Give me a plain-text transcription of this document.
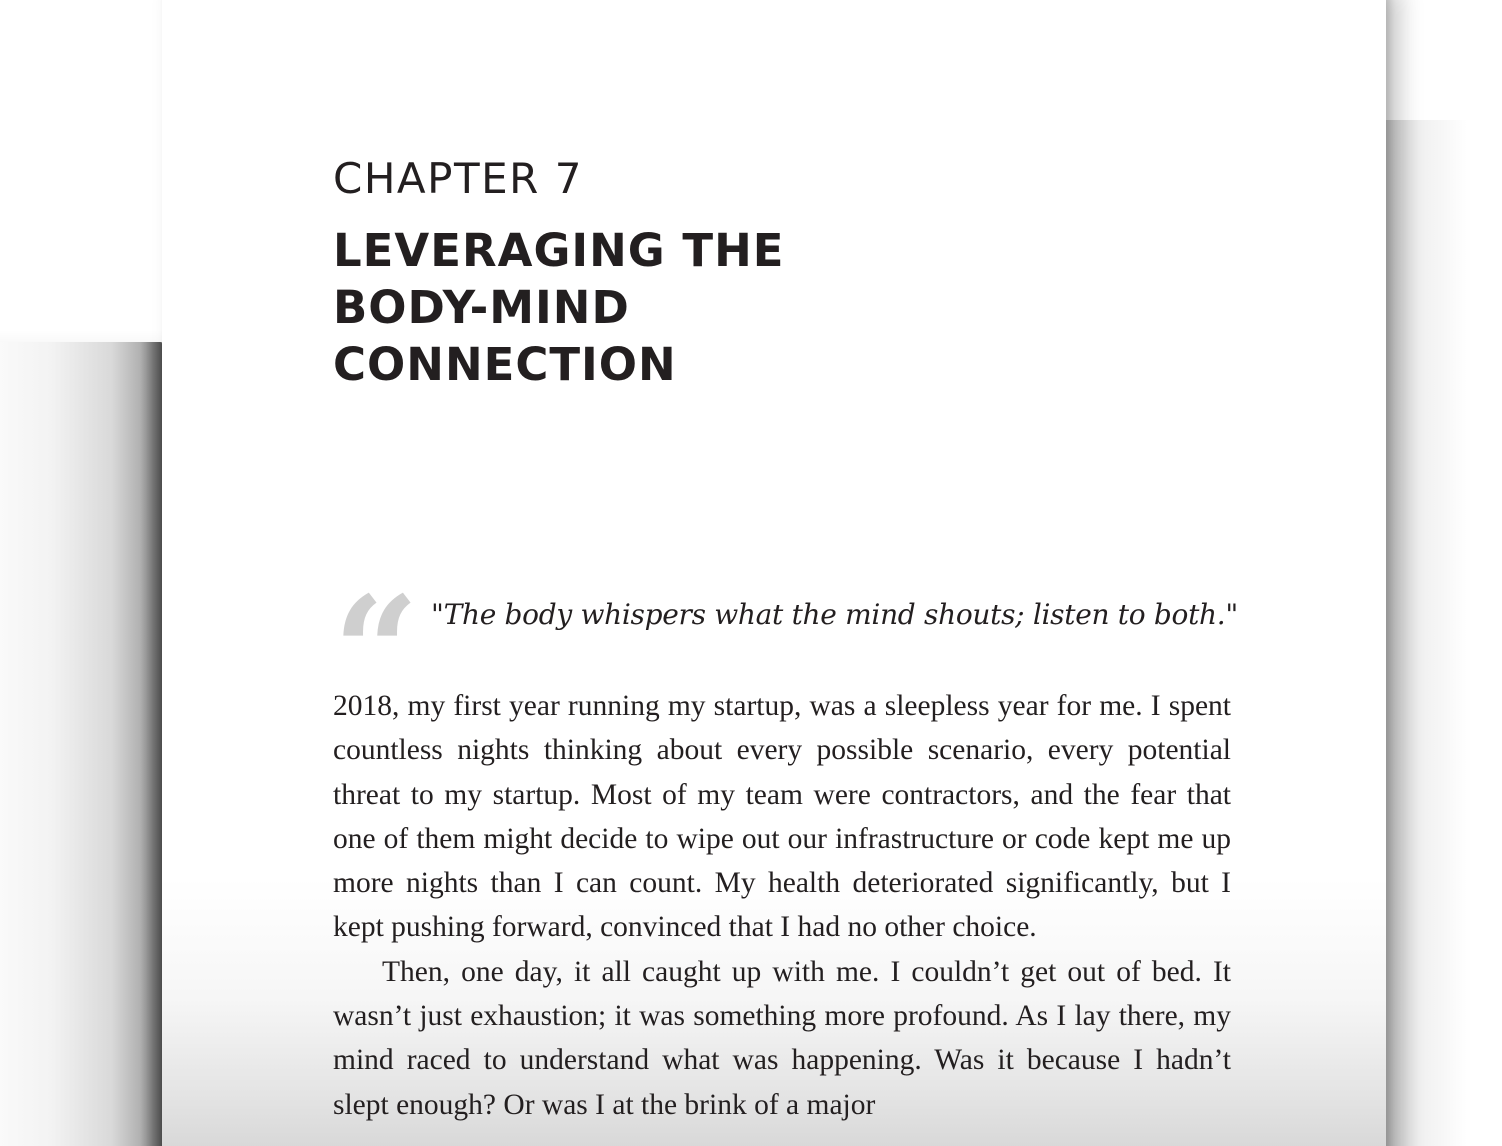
CHAPTER 7
LEVERAGING THE BODY-MIND CONNECTION
“ "The body whispers what the mind shouts; listen to both."

2018, my first year running my startup, was a sleepless year for me. I spent countless nights thinking about every possible scenario, every potential threat to my startup. Most of my team were contractors, and the fear that one of them might decide to wipe out our infrastructure or code kept me up more nights than I can count. My health deteriorated significantly, but I kept pushing forward, convinced that I had no other choice.

Then, one day, it all caught up with me. I couldn’t get out of bed. It wasn’t just exhaustion; it was something more profound. As I lay there, my mind raced to understand what was happening. Was it because I hadn’t slept enough? Or was I at the brink of a major
